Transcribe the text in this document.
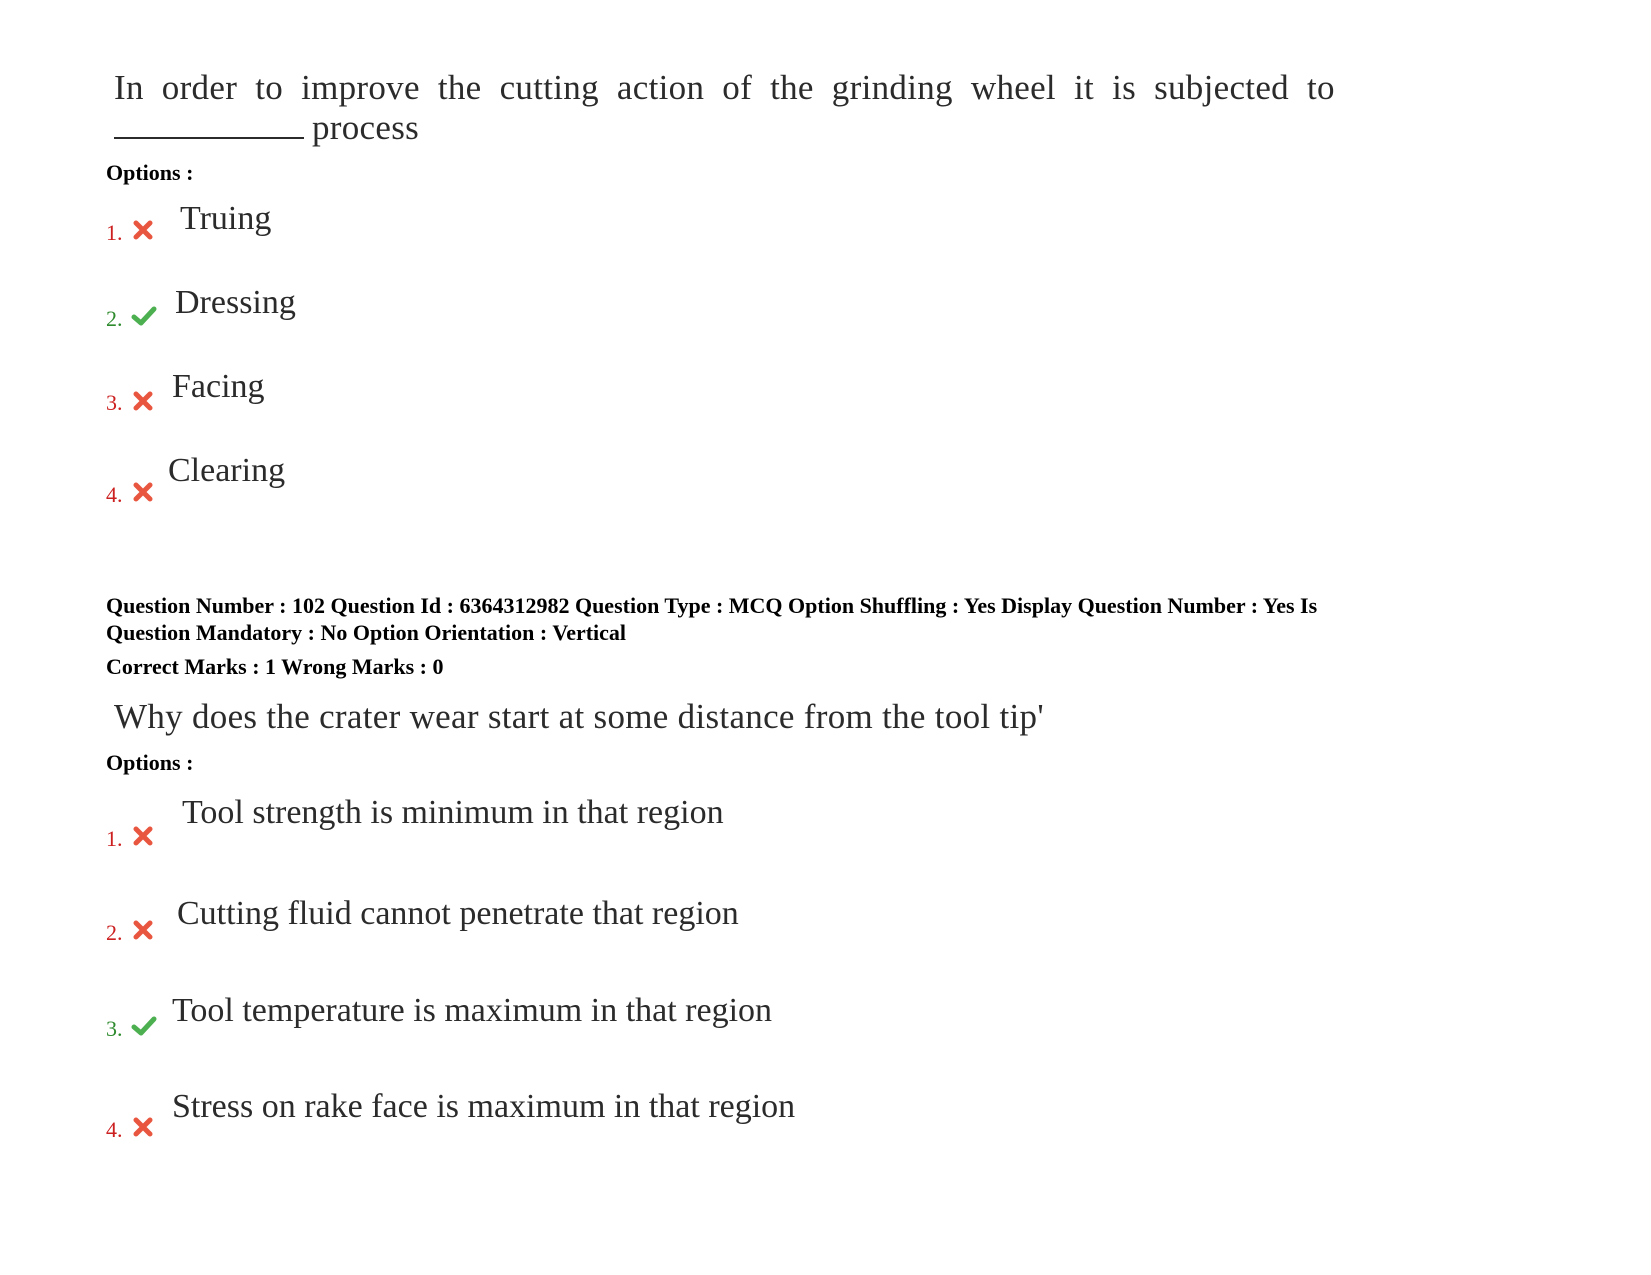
In order to improve the cutting action of the grinding wheel it is subjected to
process
Options :
1. Truing
2. Dressing
3. Facing
4.
Clearing
Question Number : 102 Question Id : 6364312982 Question Type : MCQ Option Shuffling : Yes Display Question Number : Yes Is
Question Mandatory : No Option Orientation : Vertical
Correct Marks : 1 Wrong Marks : 0
Why does the crater wear start at some distance from the tool tip'
Options :
1.
Tool strength is minimum in that region
2.
Cutting fluid cannot penetrate that region
3. Tool temperature is maximum in that region
4.
Stress on rake face is maximum in that region
